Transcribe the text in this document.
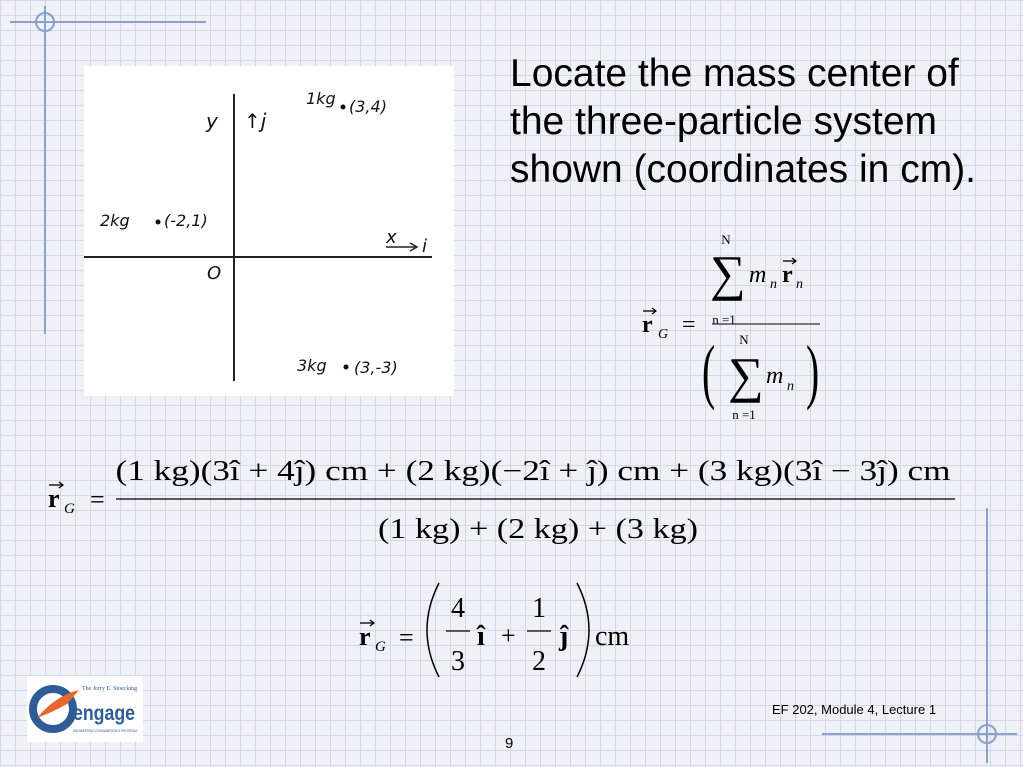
Locate the mass center of the three-particle system shown (coordinates in cm).
y ↑j
x i
O
1kg (3,4)
2kg (-2,1)
3kg (3,-3)
N
∑ m n r n
n =1
r G =
( N
∑ m n )
n =1
r G =
(1 kg)(3î + 4ĵ) cm + (2 kg)(−2î + ĵ) cm + (3 kg)(3î − 3ĵ) cm
(1 kg) + (2 kg) + (3 kg)
r G =
4
3
î +
1
2
ĵ cm
The Jerry E. Stoecking
engage
ENGINEERING FUNDAMENTALS PROGRAM
EF 202, Module 4, Lecture 1
9
